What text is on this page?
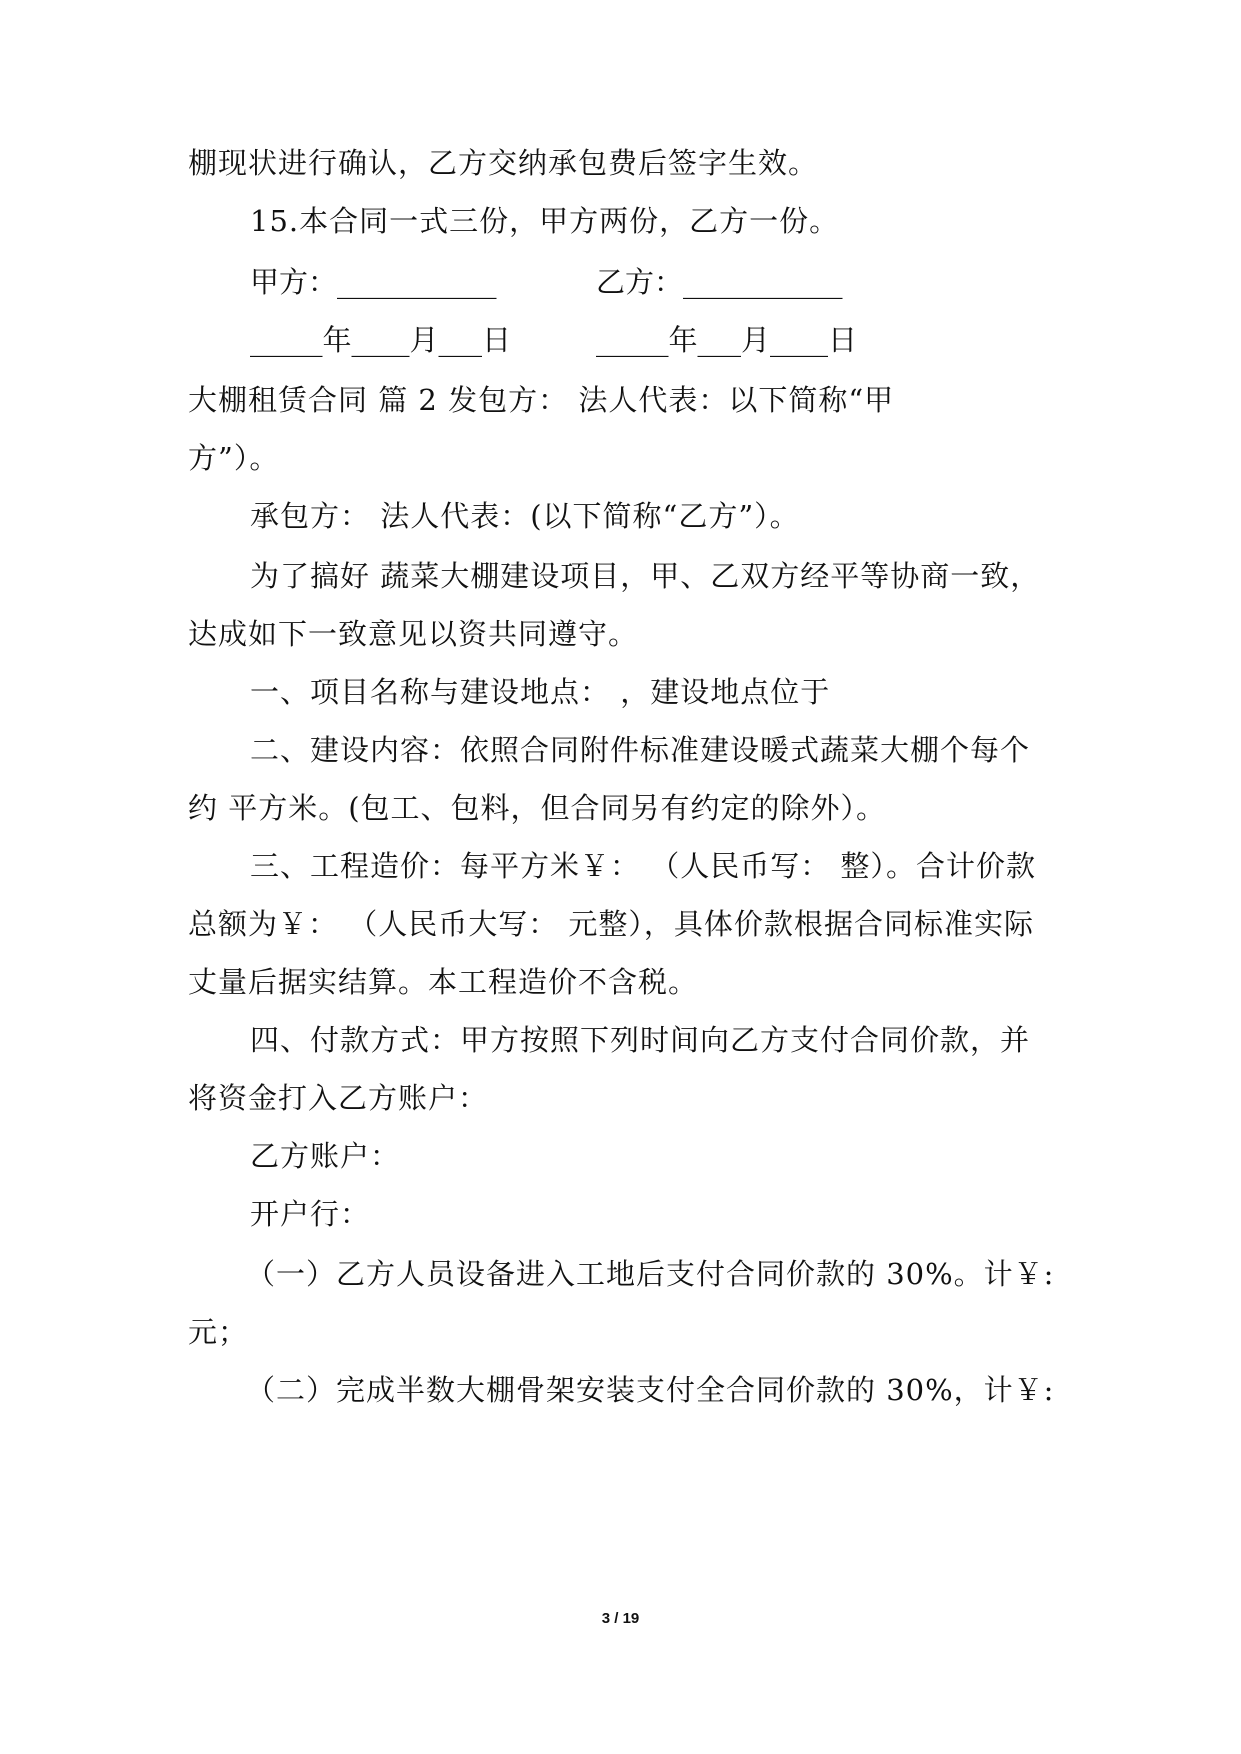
棚现状进行确认，乙方交纳承包费后签字生效。
15.本合同一式三份，甲方两份，乙方一份。
甲方：___________	乙方：___________
_____年____月___日	_____年___月____日
大棚租赁合同 篇 2 发包方： 法人代表：以下简称“甲
方”）。
承包方： 法人代表：(以下简称“乙方”）。
为了搞好 蔬菜大棚建设项目，甲、乙双方经平等协商一致，
达成如下一致意见以资共同遵守。
一、项目名称与建设地点： ，建设地点位于
二、建设内容：依照合同附件标准建设暖式蔬菜大棚个每个
约 平方米。(包工、包料，但合同另有约定的除外）。
三、工程造价：每平方米￥： （人民币写： 整）。合计价款
总额为￥： （人民币大写： 元整），具体价款根据合同标准实际
丈量后据实结算。本工程造价不含税。
四、付款方式：甲方按照下列时间向乙方支付合同价款，并
将资金打入乙方账户：
乙方账户：
开户行：
（一）乙方人员设备进入工地后支付合同价款的 30%。计￥:
元；
（二）完成半数大棚骨架安装支付全合同价款的 30%，计￥:
3 / 19
